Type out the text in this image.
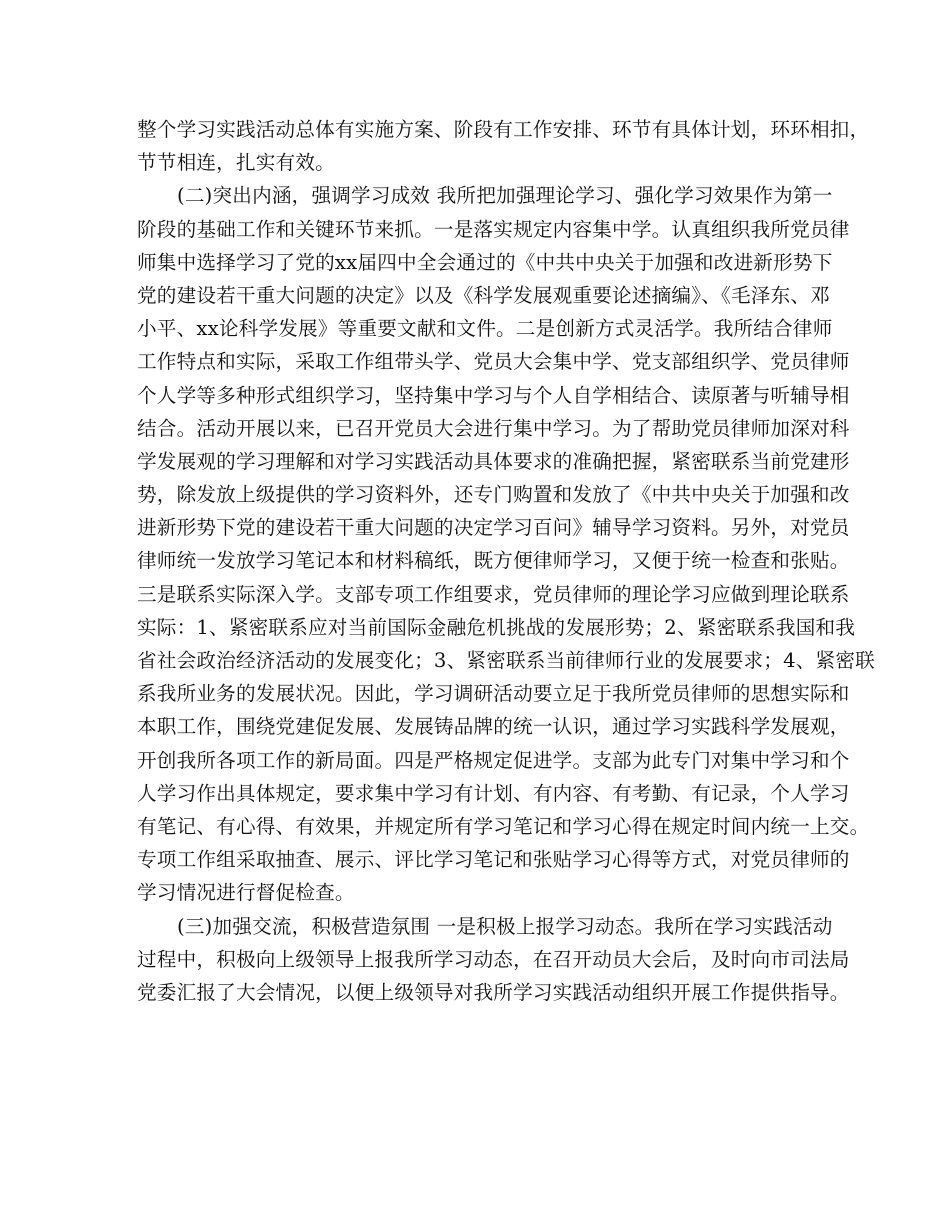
整个学习实践活动总体有实施方案、阶段有工作安排、环节有具体计划，环环相扣，
节节相连，扎实有效。
(二)突出内涵，强调学习成效 我所把加强理论学习、强化学习效果作为第一
阶段的基础工作和关键环节来抓。一是落实规定内容集中学。认真组织我所党员律
师集中选择学习了党的xx届四中全会通过的《中共中央关于加强和改进新形势下
党的建设若干重大问题的决定》以及《科学发展观重要论述摘编》、《毛泽东、邓
小平、xx论科学发展》等重要文献和文件。二是创新方式灵活学。我所结合律师
工作特点和实际，采取工作组带头学、党员大会集中学、党支部组织学、党员律师
个人学等多种形式组织学习，坚持集中学习与个人自学相结合、读原著与听辅导相
结合。活动开展以来，已召开党员大会进行集中学习。为了帮助党员律师加深对科
学发展观的学习理解和对学习实践活动具体要求的准确把握，紧密联系当前党建形
势，除发放上级提供的学习资料外，还专门购置和发放了《中共中央关于加强和改
进新形势下党的建设若干重大问题的决定学习百问》辅导学习资料。另外，对党员
律师统一发放学习笔记本和材料稿纸，既方便律师学习，又便于统一检查和张贴。
三是联系实际深入学。支部专项工作组要求，党员律师的理论学习应做到理论联系
实际：1、紧密联系应对当前国际金融危机挑战的发展形势；2、紧密联系我国和我
省社会政治经济活动的发展变化；3、紧密联系当前律师行业的发展要求；4、紧密联
系我所业务的发展状况。因此，学习调研活动要立足于我所党员律师的思想实际和
本职工作，围绕党建促发展、发展铸品牌的统一认识，通过学习实践科学发展观，
开创我所各项工作的新局面。四是严格规定促进学。支部为此专门对集中学习和个
人学习作出具体规定，要求集中学习有计划、有内容、有考勤、有记录，个人学习
有笔记、有心得、有效果，并规定所有学习笔记和学习心得在规定时间内统一上交。
专项工作组采取抽查、展示、评比学习笔记和张贴学习心得等方式，对党员律师的
学习情况进行督促检查。
(三)加强交流，积极营造氛围 一是积极上报学习动态。我所在学习实践活动
过程中，积极向上级领导上报我所学习动态，在召开动员大会后，及时向市司法局
党委汇报了大会情况，以便上级领导对我所学习实践活动组织开展工作提供指导。
